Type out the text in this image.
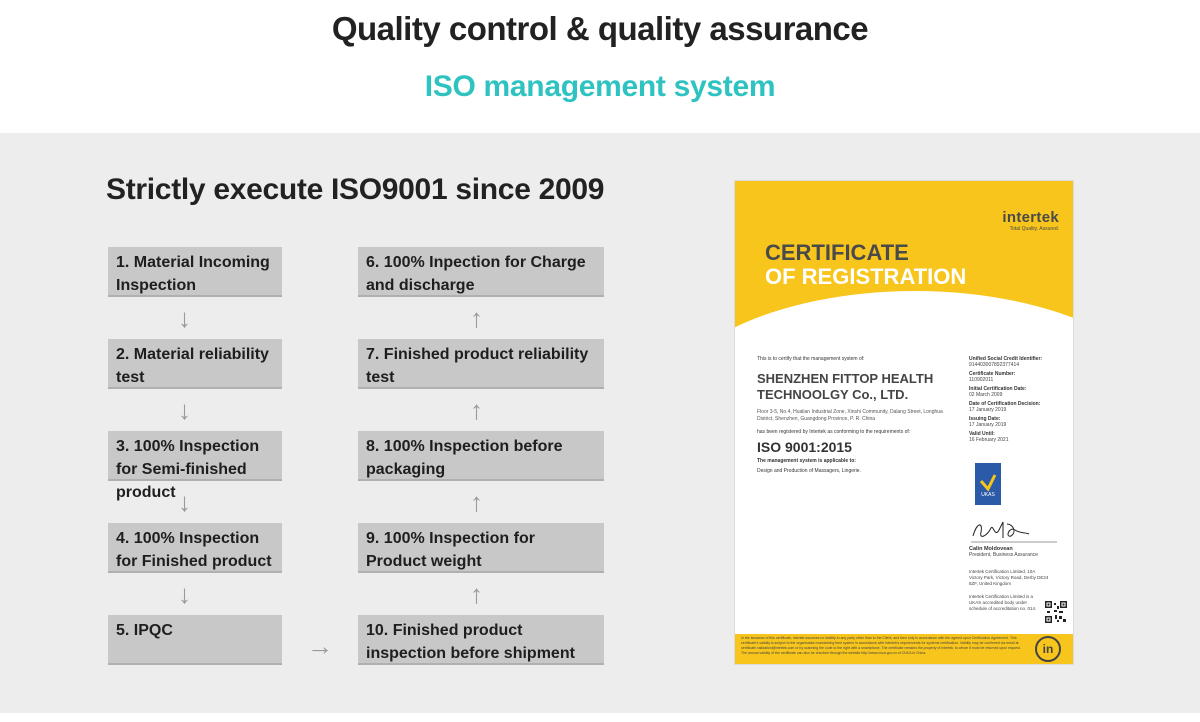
Quality control & quality assurance
ISO management system
Strictly execute ISO9001 since 2009
1. Material Incoming Inspection
↓
2. Material reliability test
↓
3. 100% Inspection for Semi-finished product ↓
4. 100% Inspection for Finished product
↓
5. IPQC
→
6. 100% Inpection for Charge and discharge
↑
7. Finished product reliability test
↑
8. 100% Inspection before packaging
↑
9. 100% Inspection for Product weight
↑
10. Finished product inspection before shipment
intertek
Total Quality. Assured.
CERTIFICATE
OF REGISTRATION
This is to certify that the management system of:
SHENZHEN FITTOP HEALTH TECHNOOLGY Co., LTD.
Floor 3-5, No.4, Hualian Industrial Zone, Xinshi Community, Dalang Street, Longhua District, Shenzhen, Guangdong Province, P. R. China
has been registered by Intertek as conforming to the requirements of:
ISO 9001:2015
The management system is applicable to:
Design and Production of Massagers, Lingerie.
Unified Social Credit Identifier:
91440300789237741​4
Certificate Number:
110902011
Initial Certification Date:
02 March 2009
Date of Certification Decision:
17 January 2019
Issuing Date:
17 January 2019
Valid Until:
16 February 2021
UKAS
Calin Moldovean
President, Business Assurance
Intertek Certification Limited, 10A Victory Park, Victory Road, Derby DE24 8ZF, United Kingdom
Intertek Certification Limited is a UKAS accredited body under schedule of accreditation no. 014.
In the issuance of this certificate, Intertek assumes no liability to any party other than to the Client, and then only in accordance with the agreed upon Certification Agreement. This certificate's validity is subject to the organisation maintaining their system in accordance with Intertek's requirements for systems certification. Validity may be confirmed via email at certificate.validation@intertek.com or by scanning the code to the right with a smartphone. The certificate remains the property of Intertek, to whom it must be returned upon request. The annual validity of the certificate can also be checked through the website http://www.cnca.gov.cn of CNCA in China.	in
